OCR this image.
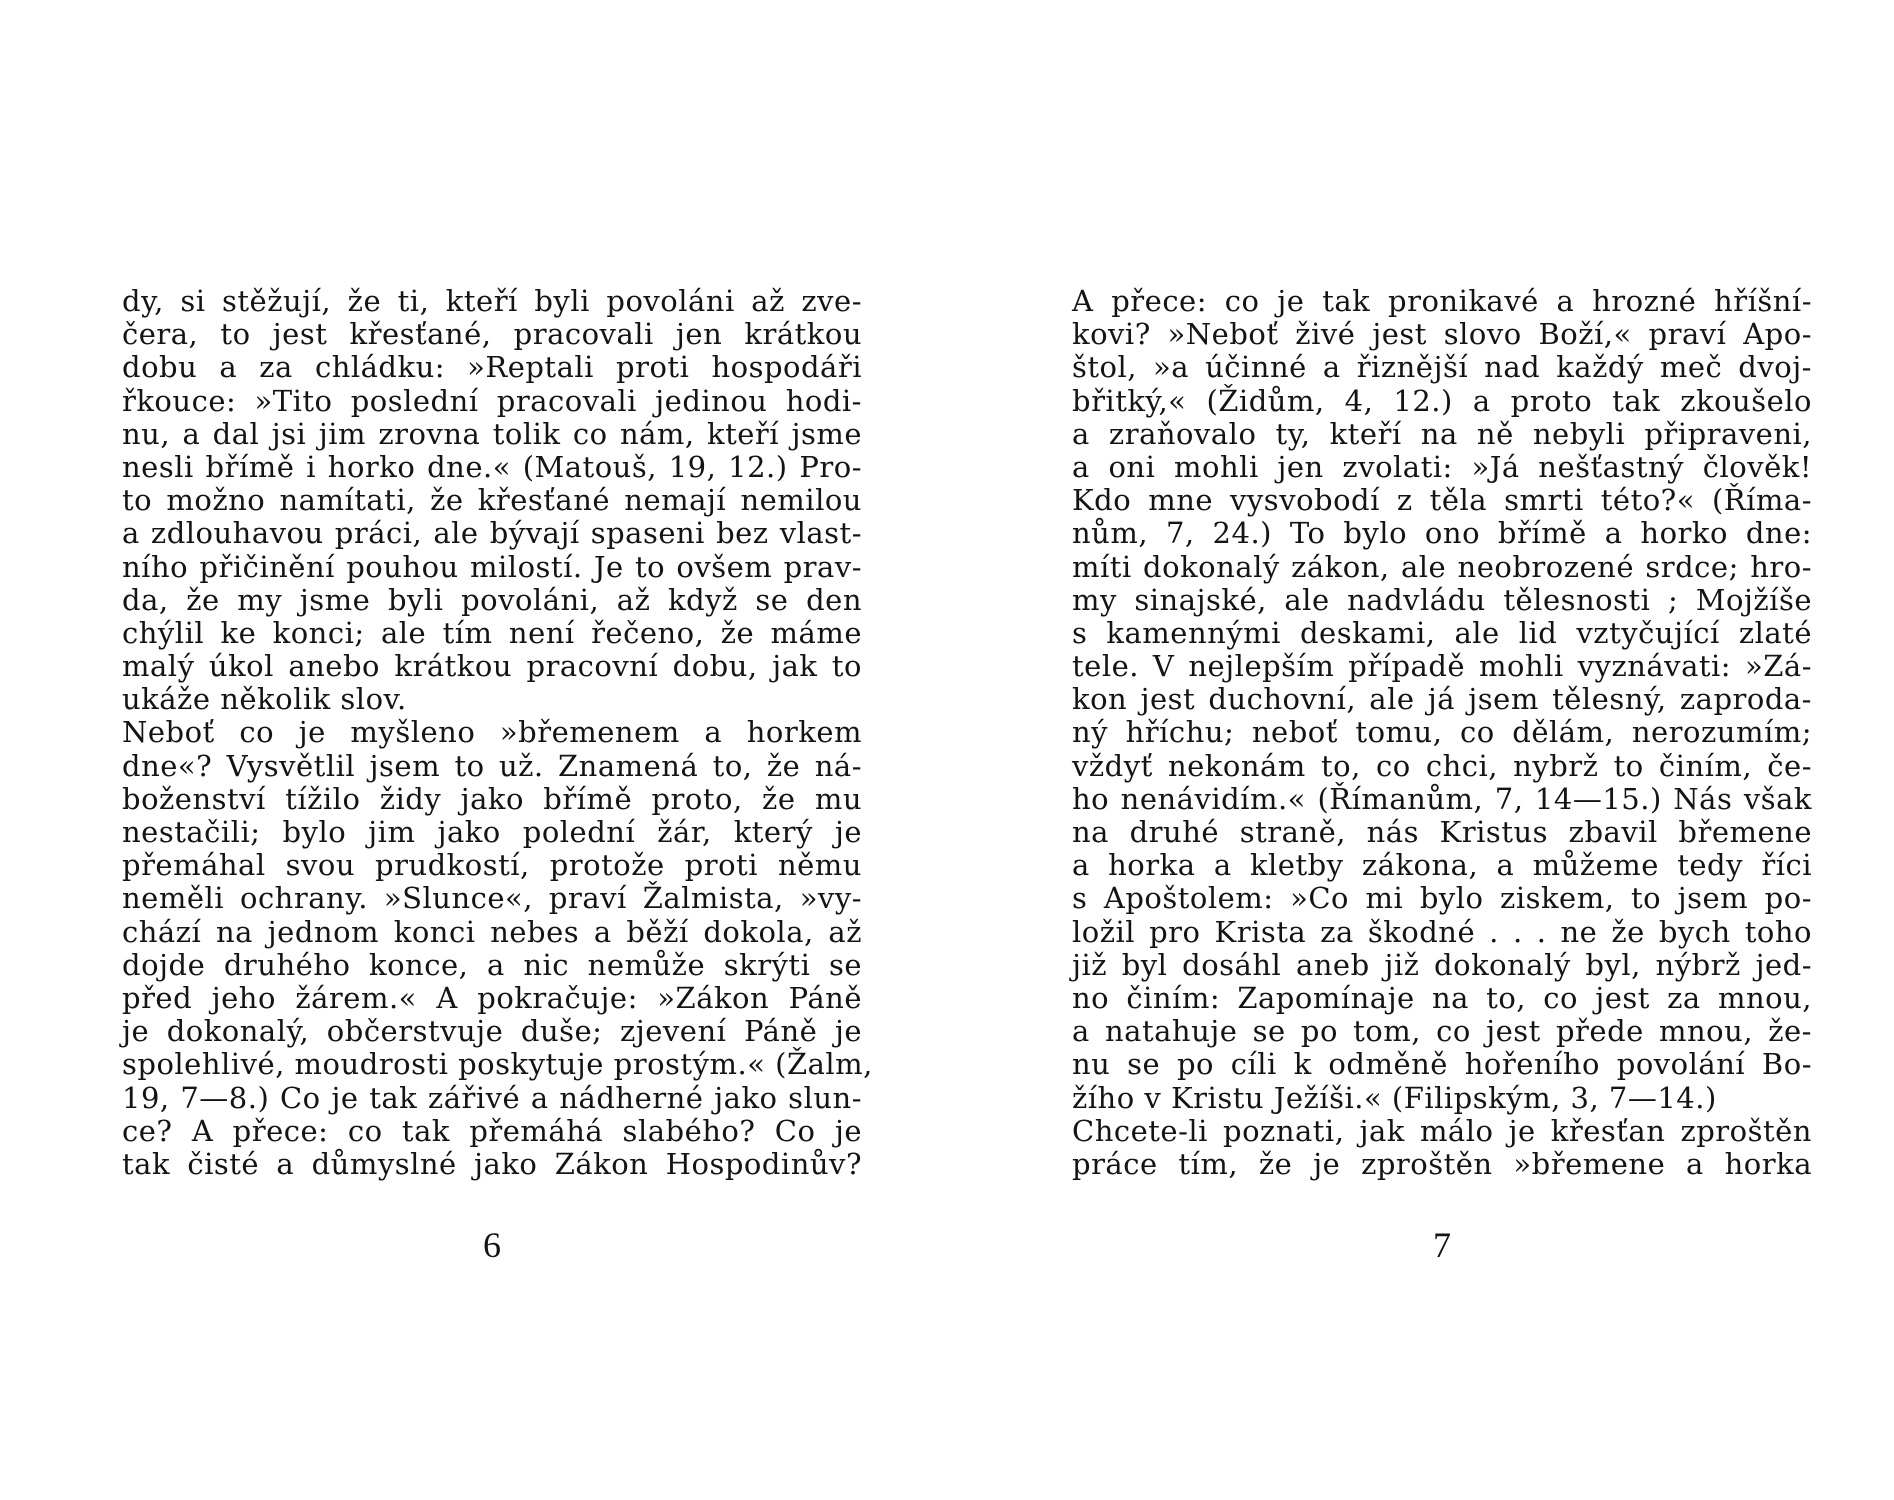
dy, si stěžují, že ti, kteří byli povoláni až zve-
čera, to jest křesťané, pracovali jen krátkou
dobu a za chládku: »Reptali proti hospodáři
řkouce: »Tito poslední pracovali jedinou hodi-
nu, a dal jsi jim zrovna tolik co nám, kteří jsme
nesli břímě i horko dne.« (Matouš, 19, 12.) Pro-
to možno namítati, že křesťané nemají nemilou
a zdlouhavou práci, ale bývají spaseni bez vlast-
ního přičinění pouhou milostí. Je to ovšem prav-
da, že my jsme byli povoláni, až když se den
chýlil ke konci; ale tím není řečeno, že máme
malý úkol anebo krátkou pracovní dobu, jak to
ukáže několik slov.
Neboť co je myšleno »břemenem a horkem
dne«? Vysvětlil jsem to už. Znamená to, že ná-
boženství tížilo židy jako břímě proto, že mu
nestačili; bylo jim jako polední žár, který je
přemáhal svou prudkostí, protože proti němu
neměli ochrany. »Slunce«, praví Žalmista, »vy-
chází na jednom konci nebes a běží dokola, až
dojde druhého konce, a nic nemůže skrýti se
před jeho žárem.« A pokračuje: »Zákon Páně
je dokonalý, občerstvuje duše; zjevení Páně je
spolehlivé, moudrosti poskytuje prostým.« (Žalm,
19, 7—8.) Co je tak zářivé a nádherné jako slun-
ce? A přece: co tak přemáhá slabého? Co je
tak čisté a důmyslné jako Zákon Hospodinův?
6
A přece: co je tak pronikavé a hrozné hříšní-
kovi? »Neboť živé jest slovo Boží,« praví Apo-
štol, »a účinné a řiznější nad každý meč dvoj-
břitký,« (Židům, 4, 12.) a proto tak zkoušelo
a zraňovalo ty, kteří na ně nebyli připraveni,
a oni mohli jen zvolati: »Já nešťastný člověk!
Kdo mne vysvobodí z těla smrti této?« (Říma-
nům, 7, 24.) To bylo ono břímě a horko dne:
míti dokonalý zákon, ale neobrozené srdce; hro-
my sinajské, ale nadvládu tělesnosti ; Mojžíše
s kamennými deskami, ale lid vztyčující zlaté
tele. V nejlepším případě mohli vyznávati: »Zá-
kon jest duchovní, ale já jsem tělesný, zaproda-
ný hříchu; neboť tomu, co dělám, nerozumím;
vždyť nekonám to, co chci, nybrž to činím, če-
ho nenávidím.« (Římanům, 7, 14—15.) Nás však
na druhé straně, nás Kristus zbavil břemene
a horka a kletby zákona, a můžeme tedy říci
s Apoštolem: »Co mi bylo ziskem, to jsem po-
ložil pro Krista za škodné . . . ne že bych toho
již byl dosáhl aneb již dokonalý byl, nýbrž jed-
no činím: Zapomínaje na to, co jest za mnou,
a natahuje se po tom, co jest přede mnou, že-
nu se po cíli k odměně hořeního povolání Bo-
žího v Kristu Ježíši.« (Filipským, 3, 7—14.)
Chcete-li poznati, jak málo je křesťan zproštěn
práce tím, že je zproštěn »břemene a horka
7
